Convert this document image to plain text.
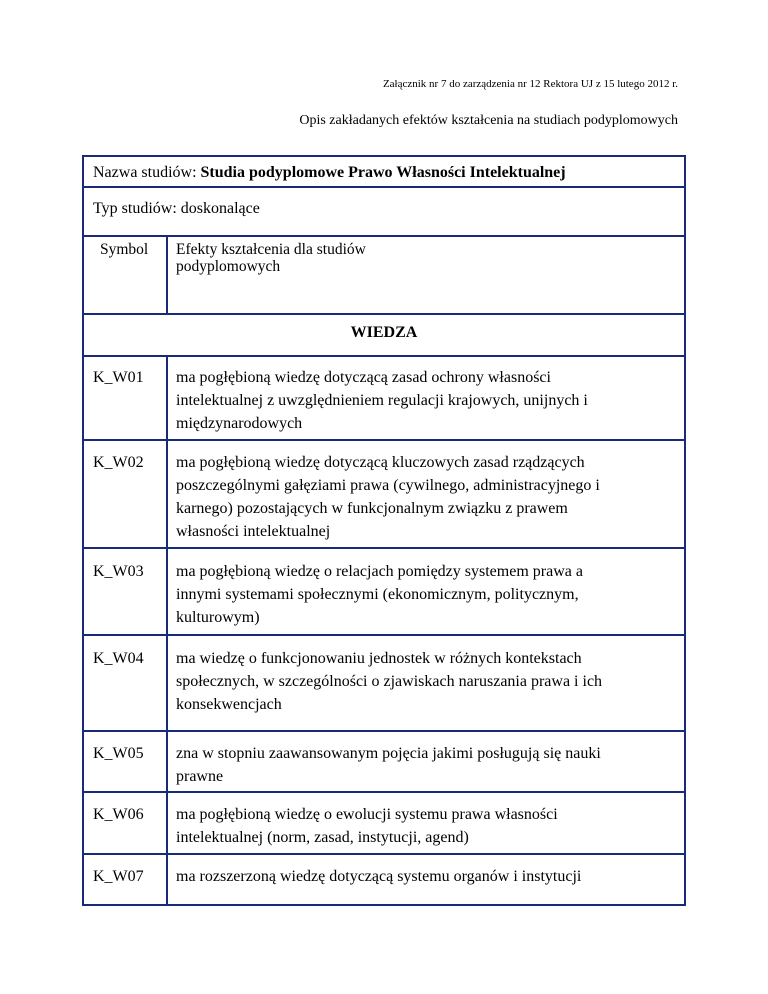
Załącznik nr 7 do zarządzenia nr 12 Rektora UJ z 15 lutego 2012 r.
Opis zakładanych efektów kształcenia na studiach podyplomowych
Nazwa studiów: Studia podyplomowe Prawo Własności Intelektualnej
Typ studiów: doskonalące
Symbol Efekty kształcenia dla studiów
podyplomowych
WIEDZA
K_W01 ma pogłębioną wiedzę dotyczącą zasad ochrony własności
intelektualnej z uwzględnieniem regulacji krajowych, unijnych i
międzynarodowych
K_W02 ma pogłębioną wiedzę dotyczącą kluczowych zasad rządzących
poszczególnymi gałęziami prawa (cywilnego, administracyjnego i
karnego) pozostających w funkcjonalnym związku z prawem
własności intelektualnej
K_W03 ma pogłębioną wiedzę o relacjach pomiędzy systemem prawa a
innymi systemami społecznymi (ekonomicznym, politycznym,
kulturowym)
K_W04 ma wiedzę o funkcjonowaniu jednostek w różnych kontekstach
społecznych, w szczególności o zjawiskach naruszania prawa i ich
konsekwencjach
K_W05 zna w stopniu zaawansowanym pojęcia jakimi posługują się nauki
prawne
K_W06 ma pogłębioną wiedzę o ewolucji systemu prawa własności
intelektualnej (norm, zasad, instytucji, agend)
K_W07 ma rozszerzoną wiedzę dotyczącą systemu organów i instytucji
